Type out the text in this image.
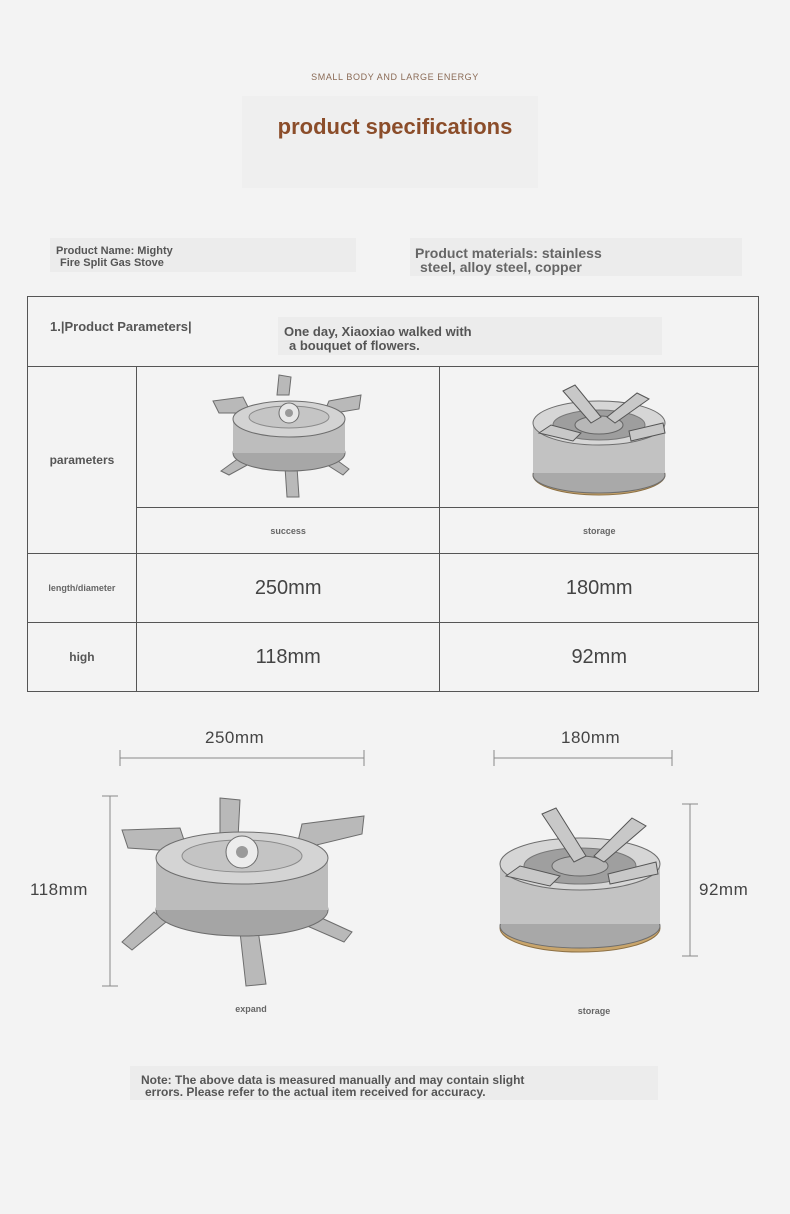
SMALL BODY AND LARGE ENERGY
product specifications
Product Name: Mighty
Fire Split Gas Stove
Product materials: stainless
steel, alloy steel, copper
1.|Product Parameters| One day, Xiaoxiao walked with
a bouquet of flowers.		

parameters

	success	storage

length/diameter	250mm	180mm

high	118mm	92mm
250mm
118mm
expand
180mm
92mm
storage
Note: The above data is measured manually and may contain slight
errors. Please refer to the actual item received for accuracy.
